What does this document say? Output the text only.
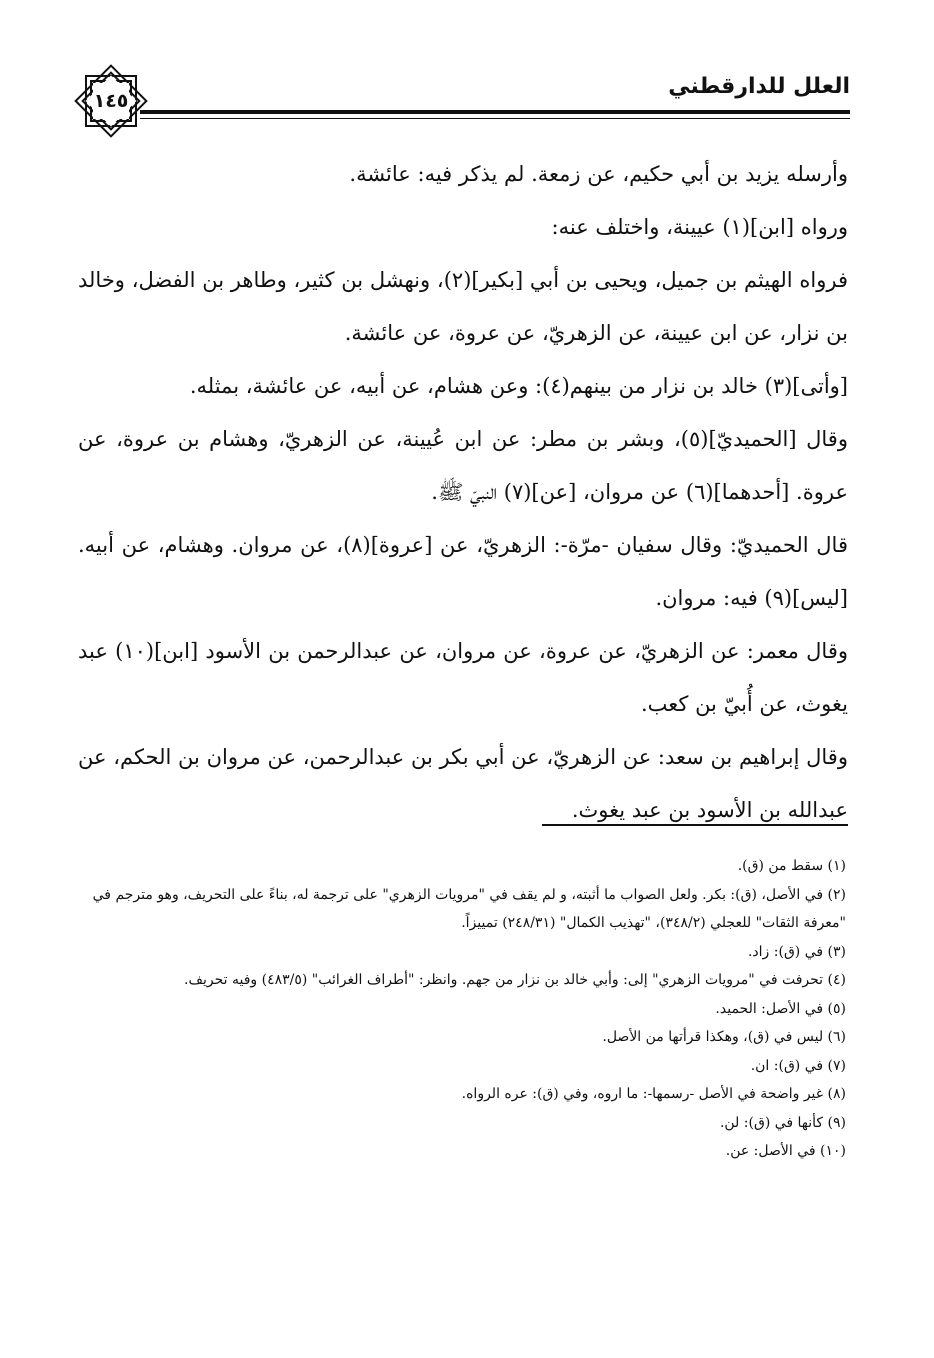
العلل للدارقطني
١٤٥

وأرسله يزيد بن أبي حكيم، عن زمعة. لم يذكر فيه: عائشة.

ورواه [ابن](١) عيينة، واختلف عنه:

فرواه الهيثم بن جميل، ويحيى بن أبي [بكير](٢)، ونهشل بن كثير، وطاهر بن الفضل، وخالد بن نزار، عن ابن عيينة، عن الزهريّ، عن عروة، عن عائشة.

[وأتى](٣) خالد بن نزار من بينهم(٤): وعن هشام، عن أبيه، عن عائشة، بمثله.

وقال [الحميديّ](٥)، وبشر بن مطر: عن ابن عُيينة، عن الزهريّ، وهشام بن عروة، عن عروة. [أحدهما](٦) عن مروان، [عن](٧) النبيّ ﷺ.

قال الحميديّ: وقال سفيان -مرّة-: الزهريّ، عن [عروة](٨)، عن مروان. وهشام، عن أبيه. [ليس](٩) فيه: مروان.

وقال معمر: عن الزهريّ، عن عروة، عن مروان، عن عبدالرحمن بن الأسود [ابن](١٠) عبد يغوث، عن أُبيّ بن كعب.

وقال إبراهيم بن سعد: عن الزهريّ، عن أبي بكر بن عبدالرحمن، عن مروان بن الحكم، عن عبدالله بن الأسود بن عبد يغوث.

(١) سقط من (ق).

(٢) في الأصل، (ق): بكر. ولعل الصواب ما أثبته، و لم يقف في "مرويات الزهري" على ترجمة له، بناءً على التحريف، وهو مترجم في "معرفة الثقات" للعجلي (٣٤٨/٢)، "تهذيب الكمال" (٢٤٨/٣١) تمييزاً.

(٣) في (ق): زاد.

(٤) تحرفت في "مرويات الزهري" إلى: وأبي خالد بن نزار من جهم. وانظر: "أطراف الغرائب" (٤٨٣/٥) وفيه تحريف.

(٥) في الأصل: الحميد.

(٦) ليس في (ق)، وهكذا قرأتها من الأصل.

(٧) في (ق): ان.

(٨) غير واضحة في الأصل -رسمها-: ما اروه، وفي (ق): عره الرواه.

(٩) كأنها في (ق): لن.

(١٠) في الأصل: عن.
